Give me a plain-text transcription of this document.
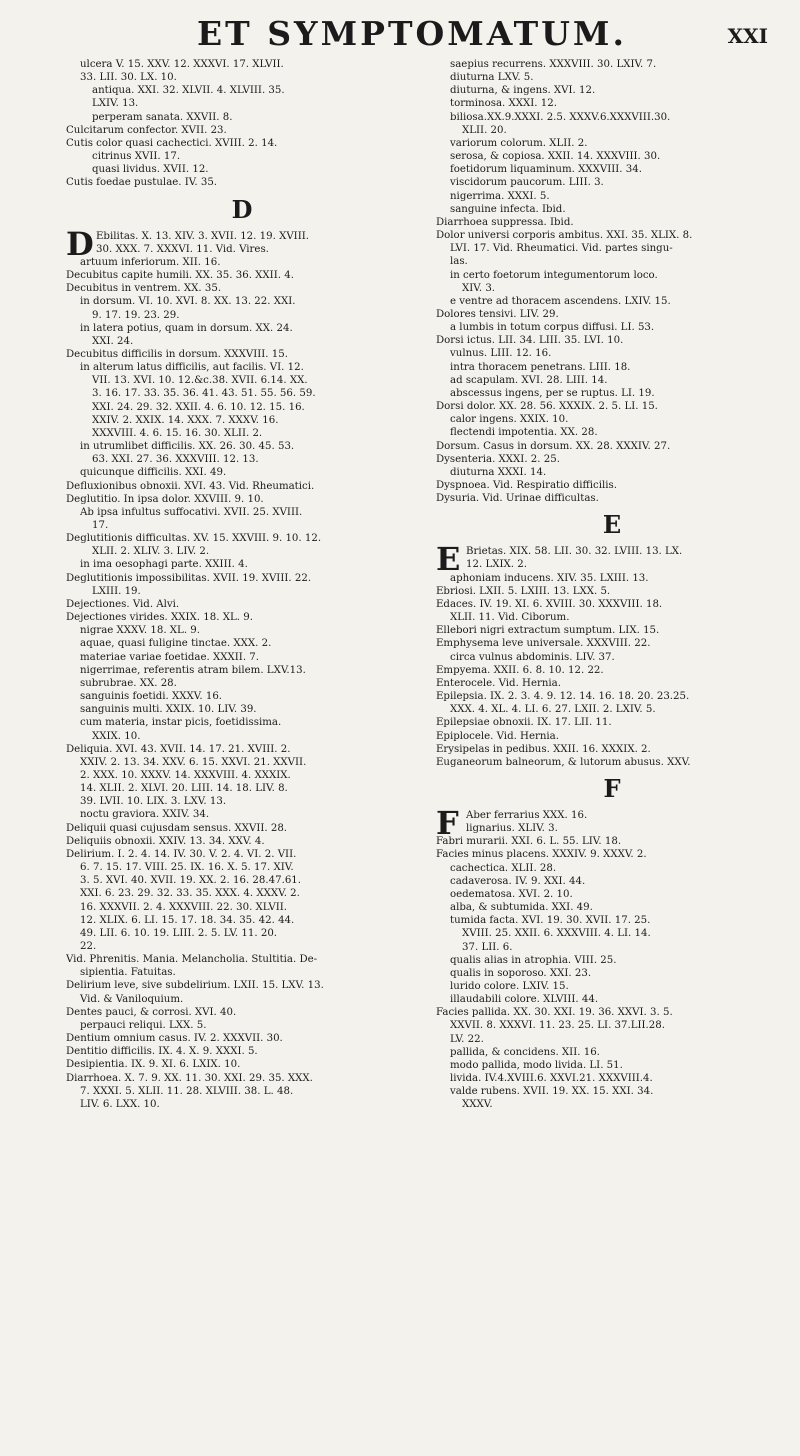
ET SYMPTOMATUM.	XXI
ulcera V. 15. XXV. 12. XXXVI. 17. XLVII.
33. LII. 30. LX. 10.
antiqua. XXI. 32. XLVII. 4. XLVIII. 35.
LXIV. 13.
perperam sanata. XXVII. 8.
Culcitarum confector. XVII. 23.
Cutis color quasi cachectici. XVIII. 2. 14.
citrinus XVII. 17.
quasi lividus. XVII. 12.
Cutis foedae pustulae. IV. 35.
D
D Ebilitas. X. 13. XIV. 3. XVII. 12. 19. XVIII.
30. XXX. 7. XXXVI. 11. Vid. Vires.
artuum inferiorum. XII. 16.
Decubitus capite humili. XX. 35. 36. XXII. 4.
Decubitus in ventrem. XX. 35.
in dorsum. VI. 10. XVI. 8. XX. 13. 22. XXI.
9. 17. 19. 23. 29.
in latera potius, quam in dorsum. XX. 24.
XXI. 24.
Decubitus difficilis in dorsum. XXXVIII. 15.
in alterum latus difficilis, aut facilis. VI. 12.
VII. 13. XVI. 10. 12.&c.38. XVII. 6.14. XX.
3. 16. 17. 33. 35. 36. 41. 43. 51. 55. 56. 59.
XXI. 24. 29. 32. XXII. 4. 6. 10. 12. 15. 16.
XXIV. 2. XXIX. 14. XXX. 7. XXXV. 16.
XXXVIII. 4. 6. 15. 16. 30. XLII. 2.
in utrumlibet difficilis. XX. 26. 30. 45. 53.
63. XXI. 27. 36. XXXVIII. 12. 13.
quicunque difficilis. XXI. 49.
Defluxionibus obnoxii. XVI. 43. Vid. Rheumatici.
Deglutitio. In ipsa dolor. XXVIII. 9. 10.
Ab ipsa infultus suffocativi. XVII. 25. XVIII.
17.
Deglutitionis difficultas. XV. 15. XXVIII. 9. 10. 12.
XLII. 2. XLIV. 3. LIV. 2.
in ima oesophagi parte. XXIII. 4.
Deglutitionis impossibilitas. XVII. 19. XVIII. 22.
LXIII. 19.
Dejectiones. Vid. Alvi.
Dejectiones virides. XXIX. 18. XL. 9.
nigrae XXXV. 18. XL. 9.
aquae, quasi fuligine tinctae. XXX. 2.
materiae variae foetidae. XXXII. 7.
nigerrimae, referentis atram bilem. LXV.13.
subrubrae. XX. 28.
sanguinis foetidi. XXXV. 16.
sanguinis multi. XXIX. 10. LIV. 39.
cum materia, instar picis, foetidissima.
XXIX. 10.
Deliquia. XVI. 43. XVII. 14. 17. 21. XVIII. 2.
XXIV. 2. 13. 34. XXV. 6. 15. XXVI. 21. XXVII.
2. XXX. 10. XXXV. 14. XXXVIII. 4. XXXIX.
14. XLII. 2. XLVI. 20. LIII. 14. 18. LIV. 8.
39. LVII. 10. LIX. 3. LXV. 13.
noctu graviora. XXIV. 34.
Deliquii quasi cujusdam sensus. XXVII. 28.
Deliquiis obnoxii. XXIV. 13. 34. XXV. 4.
Delirium. I. 2. 4. 14. IV. 30. V. 2. 4. VI. 2. VII.
6. 7. 15. 17. VIII. 25. IX. 16. X. 5. 17. XIV.
3. 5. XVI. 40. XVII. 19. XX. 2. 16. 28.47.61.
XXI. 6. 23. 29. 32. 33. 35. XXX. 4. XXXV. 2.
16. XXXVII. 2. 4. XXXVIII. 22. 30. XLVII.
12. XLIX. 6. LI. 15. 17. 18. 34. 35. 42. 44.
49. LII. 6. 10. 19. LIII. 2. 5. LV. 11. 20.
22.
Vid. Phrenitis. Mania. Melancholia. Stultitia. De-
sipientia. Fatuitas.
Delirium leve, sive subdelirium. LXII. 15. LXV. 13.
Vid. & Vaniloquium.
Dentes pauci, & corrosi. XVI. 40.
perpauci reliqui. LXX. 5.
Dentium omnium casus. IV. 2. XXXVII. 30.
Dentitio difficilis. IX. 4. X. 9. XXXI. 5.
Desipientia. IX. 9. XI. 6. LXIX. 10.
Diarrhoea. X. 7. 9. XX. 11. 30. XXI. 29. 35. XXX.
7. XXXI. 5. XLII. 11. 28. XLVIII. 38. L. 48.
LIV. 6. LXX. 10.
saepius recurrens. XXXVIII. 30. LXIV. 7.
diuturna LXV. 5.
diuturna, & ingens. XVI. 12.
torminosa. XXXI. 12.
biliosa.XX.9.XXXI. 2.5. XXXV.6.XXXVIII.30.
XLII. 20.
variorum colorum. XLII. 2.
serosa, & copiosa. XXII. 14. XXXVIII. 30.
foetidorum liquaminum. XXXVIII. 34.
viscidorum paucorum. LIII. 3.
nigerrima. XXXI. 5.
sanguine infecta. Ibid.
Diarrhoea suppressa. Ibid.
Dolor universi corporis ambitus. XXI. 35. XLIX. 8.
LVI. 17. Vid. Rheumatici. Vid. partes singu-
las.
in certo foetorum integumentorum loco.
XIV. 3.
e ventre ad thoracem ascendens. LXIV. 15.
Dolores tensivi. LIV. 29.
a lumbis in totum corpus diffusi. LI. 53.
Dorsi ictus. LII. 34. LIII. 35. LVI. 10.
vulnus. LIII. 12. 16.
intra thoracem penetrans. LIII. 18.
ad scapulam. XVI. 28. LIII. 14.
abscessus ingens, per se ruptus. LI. 19.
Dorsi dolor. XX. 28. 56. XXXIX. 2. 5. LI. 15.
calor ingens. XXIX. 10.
flectendi impotentia. XX. 28.
Dorsum. Casus in dorsum. XX. 28. XXXIV. 27.
Dysenteria. XXXI. 2. 25.
diuturna XXXI. 14.
Dyspnoea. Vid. Respiratio difficilis.
Dysuria. Vid. Urinae difficultas.
E
E Brietas. XIX. 58. LII. 30. 32. LVIII. 13. LX.
12. LXIX. 2.
aphoniam inducens. XIV. 35. LXIII. 13.
Ebriosi. LXII. 5. LXIII. 13. LXX. 5.
Edaces. IV. 19. XI. 6. XVIII. 30. XXXVIII. 18.
XLII. 11. Vid. Ciborum.
Ellebori nigri extractum sumptum. LIX. 15.
Emphysema leve universale. XXXVIII. 22.
circa vulnus abdominis. LIV. 37.
Empyema. XXII. 6. 8. 10. 12. 22.
Enterocele. Vid. Hernia.
Epilepsia. IX. 2. 3. 4. 9. 12. 14. 16. 18. 20. 23.25.
XXX. 4. XL. 4. LI. 6. 27. LXII. 2. LXIV. 5.
Epilepsiae obnoxii. IX. 17. LII. 11.
Epiplocele. Vid. Hernia.
Erysipelas in pedibus. XXII. 16. XXXIX. 2.
Euganeorum balneorum, & lutorum abusus. XXV.
F
F Aber ferrarius XXX. 16.
lignarius. XLIV. 3.
Fabri murarii. XXI. 6. L. 55. LIV. 18.
Facies minus placens. XXXIV. 9. XXXV. 2.
cachectica. XLII. 28.
cadaverosa. IV. 9. XXI. 44.
oedematosa. XVI. 2. 10.
alba, & subtumida. XXI. 49.
tumida facta. XVI. 19. 30. XVII. 17. 25.
XVIII. 25. XXII. 6. XXXVIII. 4. LI. 14.
37. LII. 6.
qualis alias in atrophia. VIII. 25.
qualis in soporoso. XXI. 23.
lurido colore. LXIV. 15.
illaudabili colore. XLVIII. 44.
Facies pallida. XX. 30. XXI. 19. 36. XXVI. 3. 5.
XXVII. 8. XXXVI. 11. 23. 25. LI. 37.LII.28.
LV. 22.
pallida, & concidens. XII. 16.
modo pallida, modo livida. LI. 51.
livida. IV.4.XVIII.6. XXVI.21. XXXVIII.4.
valde rubens. XVII. 19. XX. 15. XXI. 34.
XXXV.
